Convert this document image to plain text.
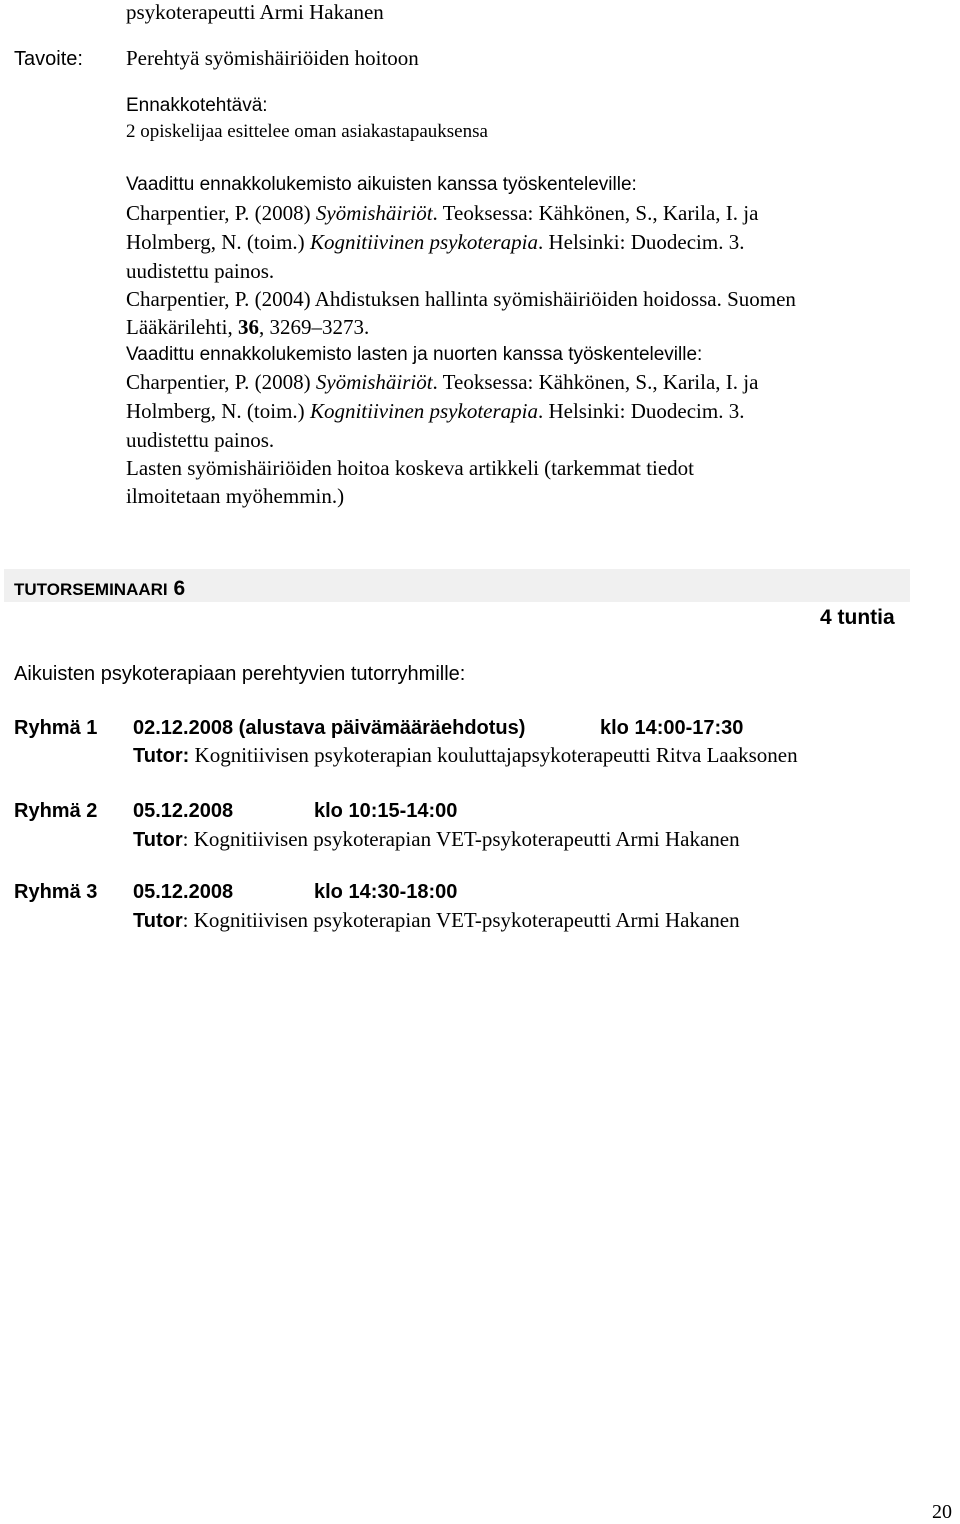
psykoterapeutti Armi Hakanen
Tavoite: Perehtyä syömishäiriöiden hoitoon
Ennakkotehtävä:
2 opiskelijaa esittelee oman asiakastapauksensa
Vaadittu ennakkolukemisto aikuisten kanssa työskenteleville:
Charpentier, P. (2008) Syömishäiriöt. Teoksessa: Kähkönen, S., Karila, I. ja
Holmberg, N. (toim.) Kognitiivinen psykoterapia. Helsinki: Duodecim. 3.
uudistettu painos.
Charpentier, P. (2004) Ahdistuksen hallinta syömishäiriöiden hoidossa. Suomen
Lääkärilehti, 36, 3269–3273.
Vaadittu ennakkolukemisto lasten ja nuorten kanssa työskenteleville:
Charpentier, P. (2008) Syömishäiriöt. Teoksessa: Kähkönen, S., Karila, I. ja
Holmberg, N. (toim.) Kognitiivinen psykoterapia. Helsinki: Duodecim. 3.
uudistettu painos.
Lasten syömishäiriöiden hoitoa koskeva artikkeli (tarkemmat tiedot
ilmoitetaan myöhemmin.)
TUTORSEMINAARI 6
4 tuntia
Aikuisten psykoterapiaan perehtyvien tutorryhmille:
Ryhmä 1 02.12.2008 (alustava päivämääräehdotus)	klo 14:00-17:30
Tutor: Kognitiivisen psykoterapian kouluttajapsykoterapeutti Ritva Laaksonen
Ryhmä 2 05.12.2008	klo 10:15-14:00
Tutor: Kognitiivisen psykoterapian VET-psykoterapeutti Armi Hakanen
Ryhmä 3 05.12.2008	klo 14:30-18:00
Tutor: Kognitiivisen psykoterapian VET-psykoterapeutti Armi Hakanen
20
